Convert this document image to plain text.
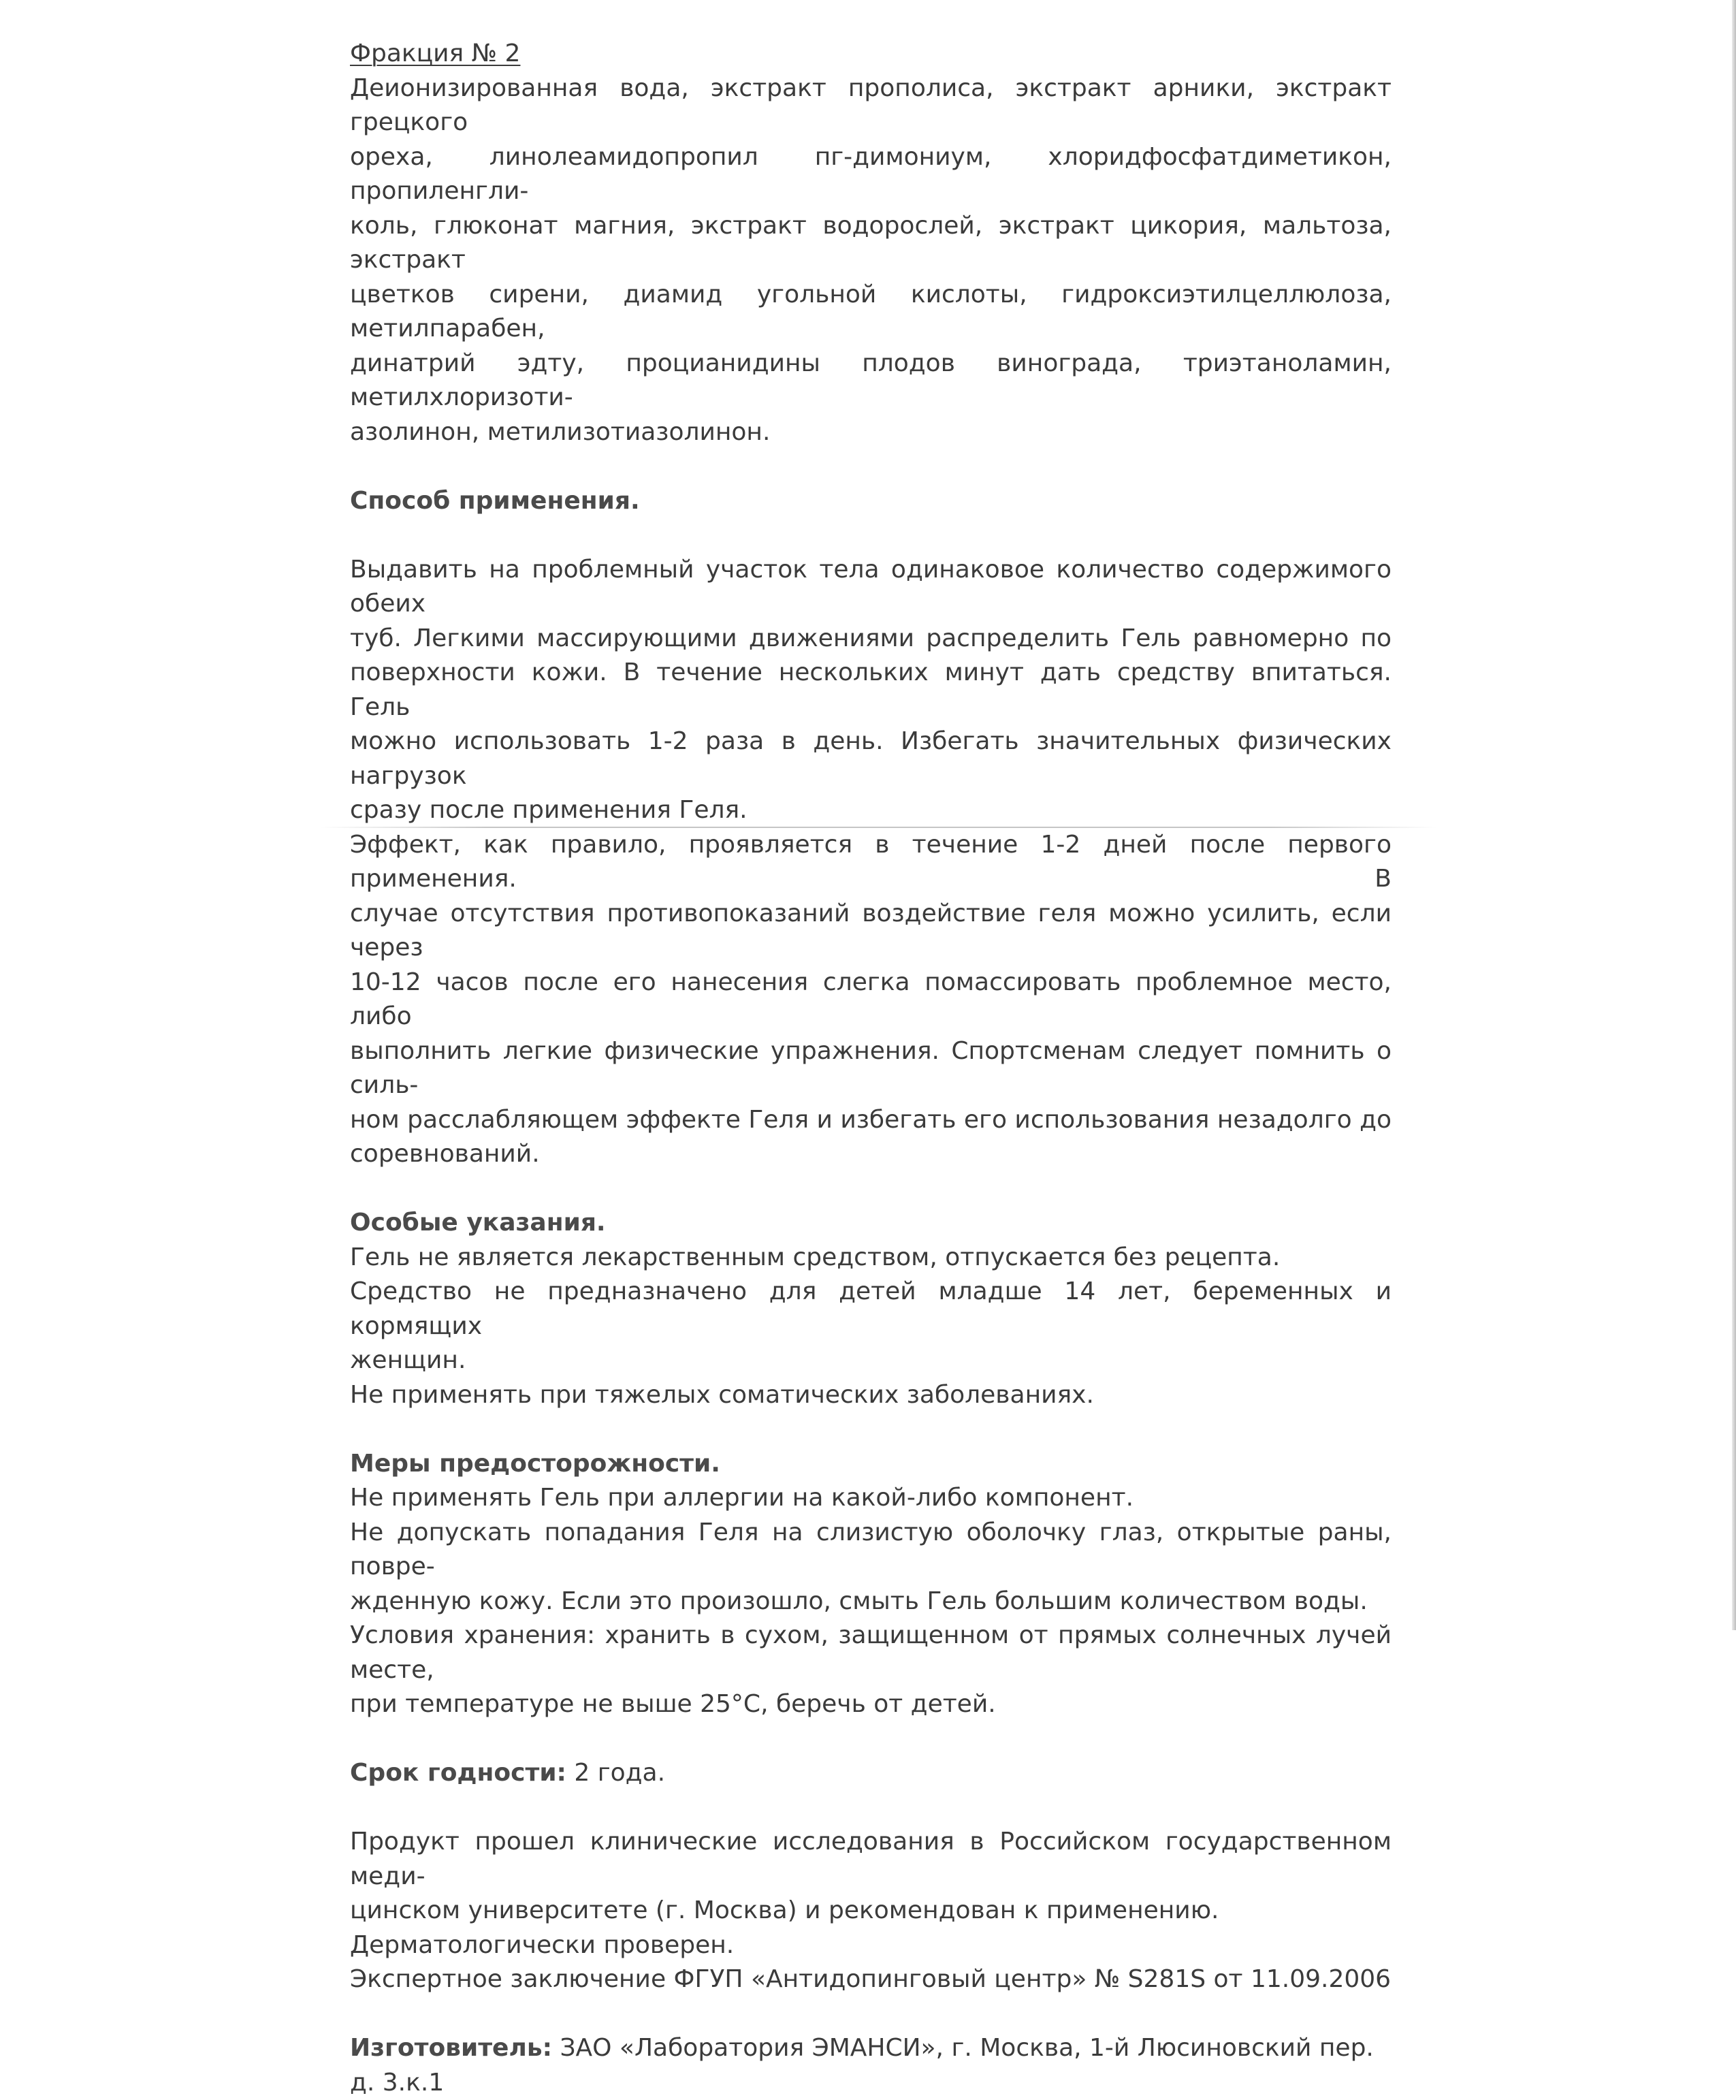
Фракция № 2

Деионизированная вода, экстракт прополиса, экстракт арники, экстракт грецкого

ореха, линолеамидопропил пг-димониум, хлоридфосфатдиметикон, пропиленгли-

коль, глюконат магния, экстракт водорослей, экстракт цикория, мальтоза, экстракт

цветков сирени, диамид угольной кислоты, гидроксиэтилцеллюлоза, метилпарабен,

динатрий эдту, процианидины плодов винограда, триэтаноламин, метилхлоризоти-

азолинон, метилизотиазолинон.

Способ применения.

Выдавить на проблемный участок тела одинаковое количество содержимого обеих

туб. Легкими массирующими движениями распределить Гель равномерно по

поверхности кожи. В течение нескольких минут дать средству впитаться. Гель

можно использовать 1-2 раза в день. Избегать значительных физических нагрузок

сразу после применения Геля.

Эффект, как правило, проявляется в течение 1-2 дней после первого применения. В

случае отсутствия противопоказаний воздействие геля можно усилить, если через

10-12 часов после его нанесения слегка помассировать проблемное место, либо

выполнить легкие физические упражнения. Спортсменам следует помнить о силь-

ном расслабляющем эффекте Геля и избегать его использования незадолго до

соревнований.

Особые указания.

Гель не является лекарственным средством, отпускается без рецепта.

Средство не предназначено для детей младше 14 лет, беременных и кормящих

женщин.

Не применять при тяжелых соматических заболеваниях.

Меры предосторожности.

Не применять Гель при аллергии на какой-либо компонент.

Не допускать попадания Геля на слизистую оболочку глаз, открытые раны, повре-

жденную кожу. Если это произошло, смыть Гель большим количеством воды.

Условия хранения: хранить в сухом, защищенном от прямых солнечных лучей месте,

при температуре не выше 25°С, беречь от детей.

Срок годности: 2 года.

Продукт прошел клинические исследования в Российском государственном меди-

цинском университете (г. Москва) и рекомендован к применению.

Дерматологически проверен.

Экспертное заключение ФГУП «Антидопинговый центр» № S281S от 11.09.2006

Изготовитель: ЗАО «Лаборатория ЭМАНСИ», г. Москва, 1-й Люсиновский пер. д. 3.к.1
